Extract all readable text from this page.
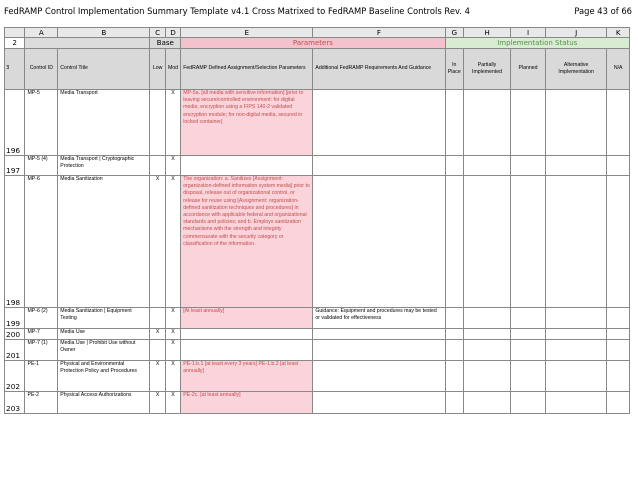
FedRAMP Control Implementation Summary Template v4.1 Cross Matrixed to FedRAMP Baseline Controls Rev. 4	Page 43 of 66
	A	B	C	D	E	F	G	H	I	J	K
2			Base		Parameters		Implementation Status				
3	Control ID	Control Title	Low	Mod	FedRAMP Defined Assignment/Selection Parameters	Additional FedRAMP Requirements And Guidance	In Place	Partially Implemented	Planned	Alternative Implementation	N/A
196	MP-5	Media Transport		X	MP-5a. [all media with sensitive information] [prior to leaving secure/controlled environment: for digital media, encryption using a FIPS 140-2 validated encryption module; for non-digital media, secured in locked container]						
197	MP-5 (4)	Media Transport | Cryptographic Protection		X							
198	MP-6	Media Sanitization	X	X	The organization: a. Sanitizes [Assignment: organization-defined information system media] prior to disposal, release out of organizational control, or release for reuse using [Assignment: organization-defined sanitization techniques and procedures] in accordance with applicable federal and organizational standards and policies; and b. Employs sanitization mechanisms with the strength and integrity commensurate with the security category or classification of the information.						
199	MP-6 (2)	Media Sanitization | Equipment Testing		X	[At least annually]	Guidance: Equipment and procedures may be tested or validated for effectiveness					
200	MP-7	Media Use	X	X							
201	MP-7 (1)	Media Use | Prohibit Use without Owner		X							
202	PE-1	Physical and Environmental Protection Policy and Procedures	X	X	PE-1.b.1 [at least every 3 years] PE-1.b.2 [at least annually]						
203	PE-2	Physical Access Authorizations	X	X	PE-2c. [at least annually]						
